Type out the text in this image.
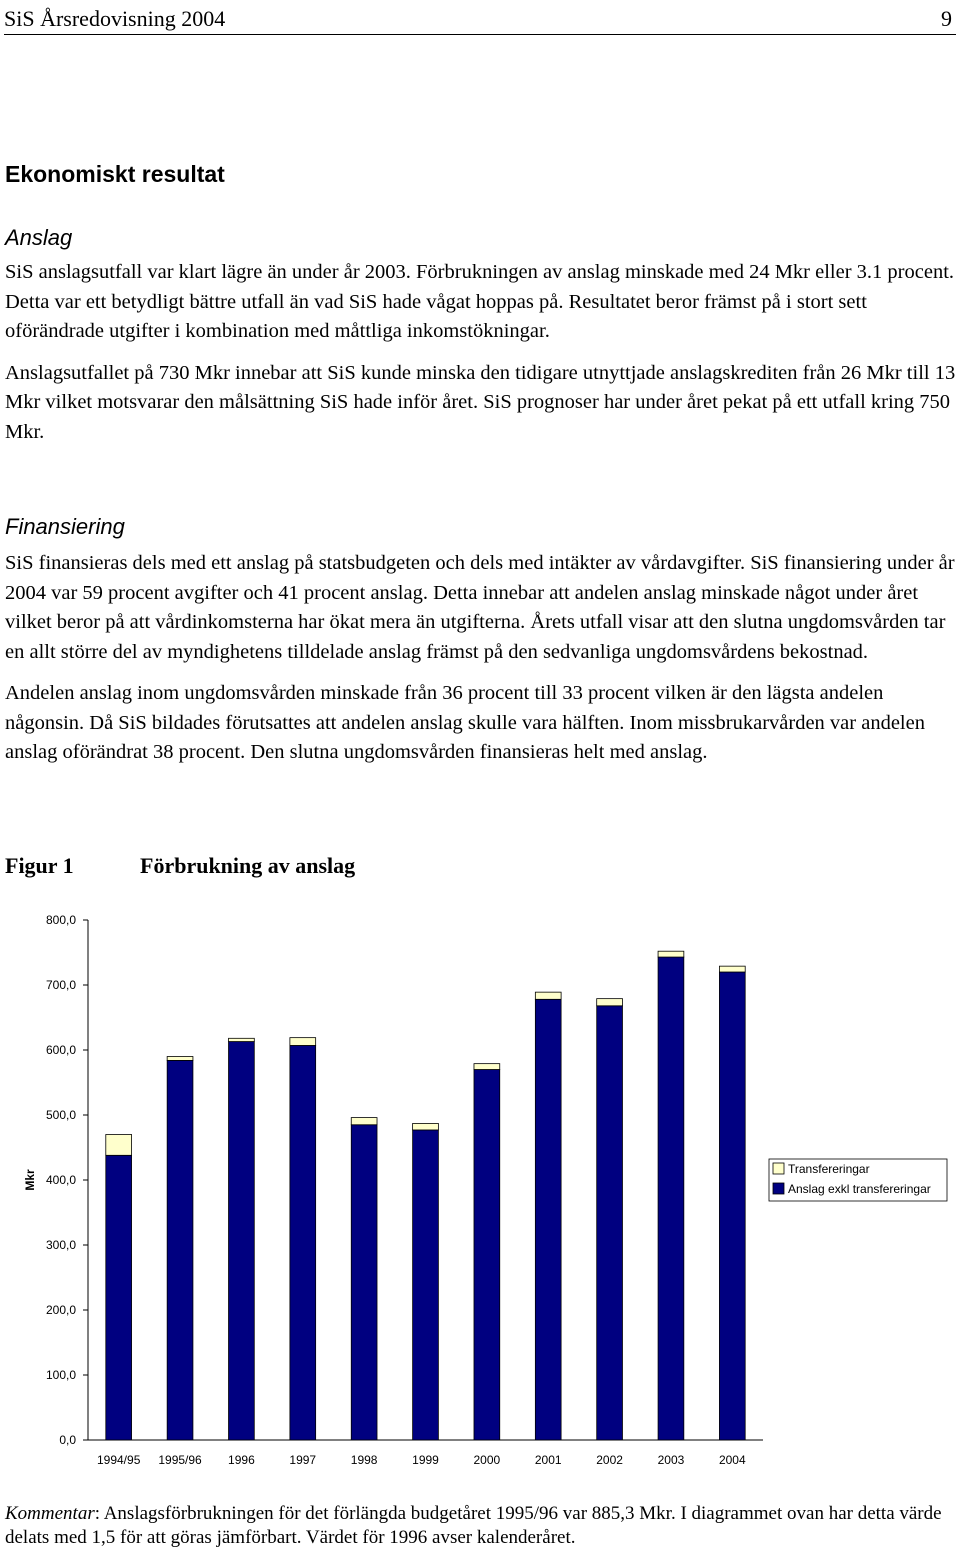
SiS Årsredovisning 2004	9
Ekonomiskt resultat
Anslag

SiS anslagsutfall var klart lägre än under år 2003. Förbrukningen av anslag minskade med 24 Mkr eller 3.1 procent. Detta var ett betydligt bättre utfall än vad SiS hade vågat hoppas på. Resultatet beror främst på i stort sett oförändrade utgifter i kombination med måttliga inkomstökningar.

Anslagsutfallet på 730 Mkr innebar att SiS kunde minska den tidigare utnyttjade anslagskrediten från 26 Mkr till 13 Mkr vilket motsvarar den målsättning SiS hade inför året. SiS prognoser har under året pekat på ett utfall kring 750 Mkr.

Finansiering

SiS finansieras dels med ett anslag på statsbudgeten och dels med intäkter av vårdavgifter. SiS finansiering under år 2004 var 59 procent avgifter och 41 procent anslag. Detta innebar att andelen anslag minskade något under året vilket beror på att vårdinkomsterna har ökat mera än utgifterna. Årets utfall visar att den slutna ungdomsvården tar en allt större del av myndighetens tilldelade anslag främst på den sedvanliga ungdomsvårdens bekostnad.

Andelen anslag inom ungdomsvården minskade från 36 procent till 33 procent vilken är den lägsta andelen någonsin. Då SiS bildades förutsattes att andelen anslag skulle vara hälften. Inom missbrukarvården var andelen anslag oförändrat 38 procent. Den slutna ungdomsvården finansieras helt med anslag.

Figur 1	Förbrukning av anslag

0,0
100,0
200,0
300,0
400,0
500,0
600,0
700,0
800,0
Mkr
1994/95 1995/96 1996	1997	1998	1999	2000	2001	2002	2003	2004
Transfereringar
Anslag exkl transfereringar

Kommentar: Anslagsförbrukningen för det förlängda budgetåret 1995/96 var 885,3 Mkr. I diagrammet ovan har detta värde delats med 1,5 för att göras jämförbart. Värdet för 1996 avser kalenderåret.
